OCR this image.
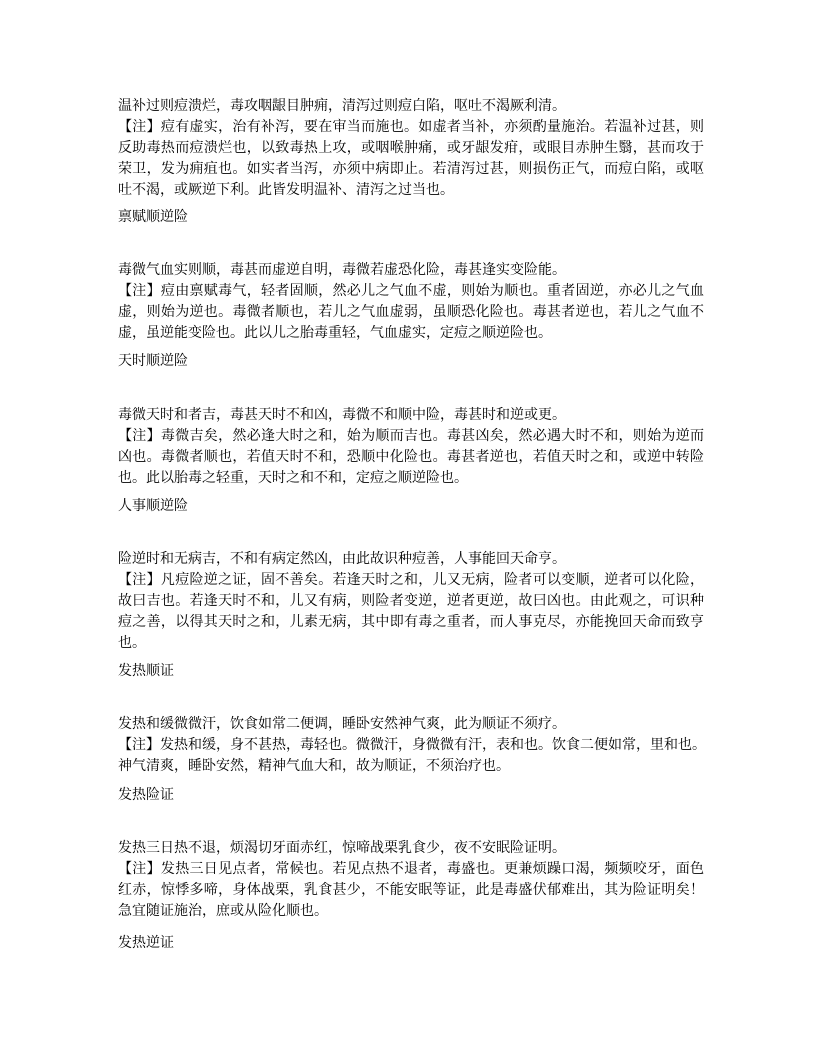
温补过则痘溃烂，毒攻咽龈目肿痈，清泻过则痘白陷，呕吐不渴厥利清。
【注】痘有虚实，治有补泻，要在审当而施也。如虚者当补，亦须酌量施治。若温补过甚，则
反助毒热而痘溃烂也，以致毒热上攻，或咽喉肿痛，或牙龈发疳，或眼目赤肿生翳，甚而攻于
荣卫，发为痈疽也。如实者当泻，亦须中病即止。若清泻过甚，则损伤正气，而痘白陷，或呕
吐不渴，或厥逆下利。此皆发明温补、清泻之过当也。
禀赋顺逆险
毒微气血实则顺，毒甚而虚逆自明，毒微若虚恐化险，毒甚逢实变险能。
【注】痘由禀赋毒气，轻者固顺，然必儿之气血不虚，则始为顺也。重者固逆，亦必儿之气血
虚，则始为逆也。毒微者顺也，若儿之气血虚弱，虽顺恐化险也。毒甚者逆也，若儿之气血不
虚，虽逆能变险也。此以儿之胎毒重轻，气血虚实，定痘之顺逆险也。
天时顺逆险
毒微天时和者吉，毒甚天时不和凶，毒微不和顺中险，毒甚时和逆或更。
【注】毒微吉矣，然必逢大时之和，始为顺而吉也。毒甚凶矣，然必遇大时不和，则始为逆而
凶也。毒微者顺也，若值天时不和，恐顺中化险也。毒甚者逆也，若值天时之和，或逆中转险
也。此以胎毒之轻重，天时之和不和，定痘之顺逆险也。
人事顺逆险
险逆时和无病吉，不和有病定然凶，由此故识种痘善，人事能回天命亨。
【注】凡痘险逆之证，固不善矣。若逢天时之和，儿又无病，险者可以变顺，逆者可以化险，
故曰吉也。若逢天时不和，儿又有病，则险者变逆，逆者更逆，故曰凶也。由此观之，可识种
痘之善，以得其天时之和，儿素无病，其中即有毒之重者，而人事克尽，亦能挽回天命而致亨
也。
发热顺证
发热和缓微微汗，饮食如常二便调，睡卧安然神气爽，此为顺证不须疗。
【注】发热和缓，身不甚热，毒轻也。微微汗，身微微有汗，表和也。饮食二便如常，里和也。
神气清爽，睡卧安然，精神气血大和，故为顺证，不须治疗也。
发热险证
发热三日热不退，烦渴切牙面赤红，惊啼战栗乳食少，夜不安眠险证明。
【注】发热三日见点者，常候也。若见点热不退者，毒盛也。更兼烦躁口渴，频频咬牙，面色
红赤，惊悸多啼，身体战栗，乳食甚少，不能安眠等证，此是毒盛伏郁难出，其为险证明矣！
急宜随证施治，庶或从险化顺也。
发热逆证
